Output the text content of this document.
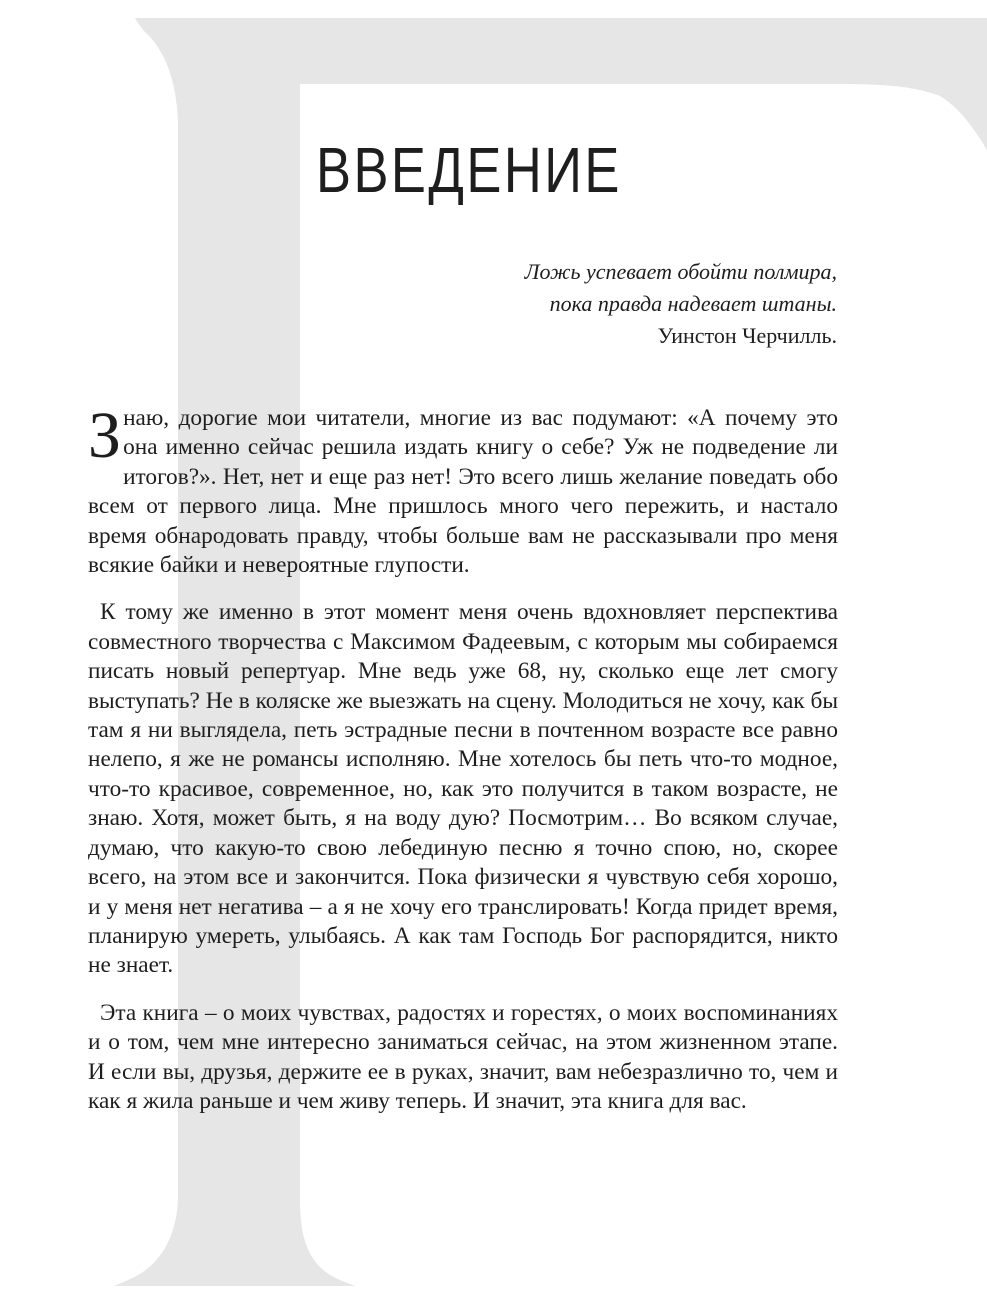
ВВЕДЕНИЕ
Ложь успевает обойти полмира,
пока правда надевает штаны.
Уинстон Черчилль.

Знаю, дорогие мои читатели, многие из вас подумают: «А почему это она именно сейчас решила издать книгу о себе? Уж не подведение ли итогов?». Нет, нет и еще раз нет! Это всего лишь желание поведать обо всем от первого лица. Мне пришлось много чего пережить, и настало время обнародовать правду, чтобы больше вам не рассказывали про меня всякие байки и невероятные глупости.

К тому же именно в этот момент меня очень вдохновляет перспектива совместного творчества с Максимом Фадеевым, с которым мы собираемся писать новый репертуар. Мне ведь уже 68, ну, сколько еще лет смогу выступать? Не в коляске же выезжать на сцену. Молодиться не хочу, как бы там я ни выглядела, петь эстрадные песни в почтенном возрасте все равно нелепо, я же не романсы исполняю. Мне хотелось бы петь что-то модное, что-то красивое, современное, но, как это получится в таком возрасте, не знаю. Хотя, может быть, я на воду дую? Посмотрим… Во всяком случае, думаю, что какую-то свою лебединую песню я точно спою, но, скорее всего, на этом все и закончится. Пока физически я чувствую себя хорошо, и у меня нет негатива – а я не хочу его транслировать! Когда придет время, планирую умереть, улыбаясь. А как там Господь Бог распорядится, никто не знает.

Эта книга – о моих чувствах, радостях и горестях, о моих воспоминаниях и о том, чем мне интересно заниматься сейчас, на этом жизненном этапе. И если вы, друзья, держите ее в руках, значит, вам небезразлично то, чем и как я жила раньше и чем живу теперь. И значит, эта книга для вас.
